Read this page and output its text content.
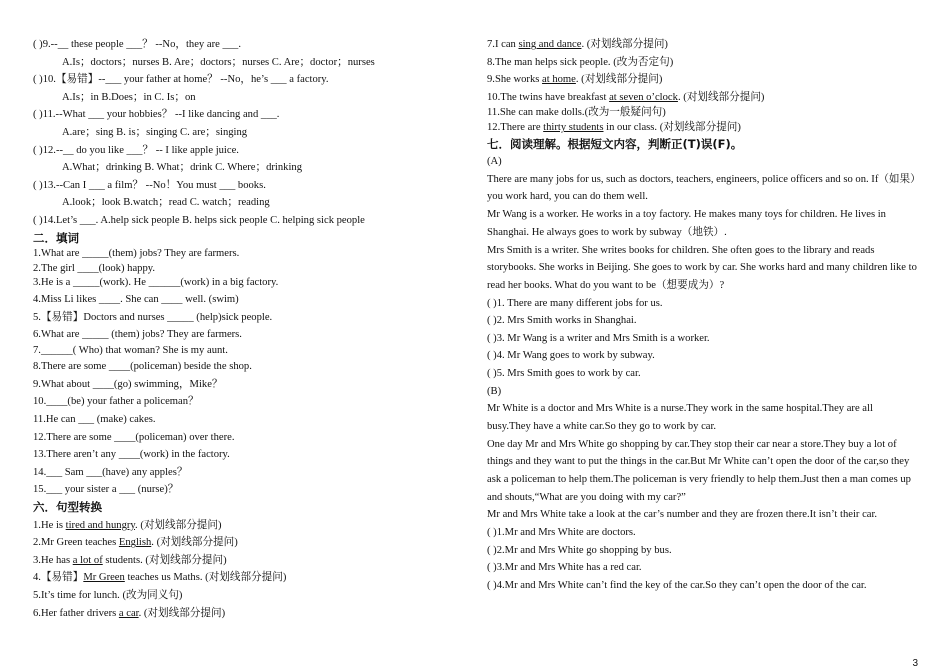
( )9.--__ these people ___？ --No，they are ___.
A.Is；doctors；nurses B. Are；doctors；nurses C. Are；doctor；nurses
( )10.【易错】--___ your father at home？ --No，he’s ___ a factory.
A.Is；in B.Does；in C. Is；on
( )11.--What ___ your hobbies？ --I like dancing and ___.
A.are；sing B. is；singing C. are；singing
( )12.--__ do you like ___？ -- I like apple juice.
A.What；drinking B. What；drink C. Where；drinking
( )13.--Can I ___ a film？ --No！You must ___ books.
A.look；look B.watch；read C. watch；reading
( )14.Let’s ___. A.help sick people B. helps sick people C. helping sick people
二．填词
1.What are _____(them) jobs? They are farmers.
2.The girl ____(look) happy.
3.He is a _____(work). He ______(work) in a big factory.
4.Miss Li likes ____. She can ____ well. (swim)
5.【易错】Doctors and nurses _____ (help)sick people.
6.What are _____ (them) jobs? They are farmers.
7.______( Who) that woman? She is my aunt.
8.There are some ____(policeman) beside the shop.
9.What about ____(go) swimming，Mike？
10.____(be) your father a policeman？
11.He can ___ (make) cakes.
12.There are some ____(policeman) over there.
13.There aren’t any ____(work) in the factory.
14.___ Sam ___(have) any apples？
15.___ your sister a ___ (nurse)？
六．句型转换
1.He is tired and hungry. (对划线部分提问)
2.Mr Green teaches English. (对划线部分提问)
3.He has a lot of students. (对划线部分提问)
4.【易错】Mr Green teaches us Maths. (对划线部分提问)
5.It’s time for lunch. (改为同义句)
6.Her father drivers a car. (对划线部分提问)
7.I can sing and dance. (对划线部分提问)
8.The man helps sick people. (改为否定句)
9.She works at home. (对划线部分提问)
10.The twins have breakfast at seven o’clock. (对划线部分提问)
11.She can make dolls.(改为一般疑问句)
12.There are thirty students in our class. (对划线部分提问)
七．阅读理解。根据短文内容，判断正(T)误(F)。
(A)
There are many jobs for us, such as doctors, teachers, engineers, police officers and so on. If（如果）you work hard, you can do them well.
Mr Wang is a worker. He works in a toy factory. He makes many toys for children. He lives in Shanghai. He always goes to work by subway（地铁）.
Mrs Smith is a writer. She writes books for children. She often goes to the library and reads storybooks. She works in Beijing. She goes to work by car. She works hard and many children like to read her books. What do you want to be（想要成为）?
( )1. There are many different jobs for us.
( )2. Mrs Smith works in Shanghai.
( )3. Mr Wang is a writer and Mrs Smith is a worker.
( )4. Mr Wang goes to work by subway.
( )5. Mrs Smith goes to work by car.
(B)
Mr White is a doctor and Mrs White is a nurse.They work in the same hospital.They are all busy.They have a white car.So they go to work by car.
One day Mr and Mrs White go shopping by car.They stop their car near a store.They buy a lot of things and they want to put the things in the car.But Mr White can’t open the door of the car,so they ask a policeman to help them.The policeman is very friendly to help them.Just then a man comes up and shouts,“What are you doing with my car?”
Mr and Mrs White take a look at the car’s number and they are frozen there.It isn’t their car.
( )1.Mr and Mrs White are doctors.
( )2.Mr and Mrs White go shopping by bus.
( )3.Mr and Mrs White has a red car.
( )4.Mr and Mrs White can’t find the key of the car.So they can’t open the door of the car.
3
